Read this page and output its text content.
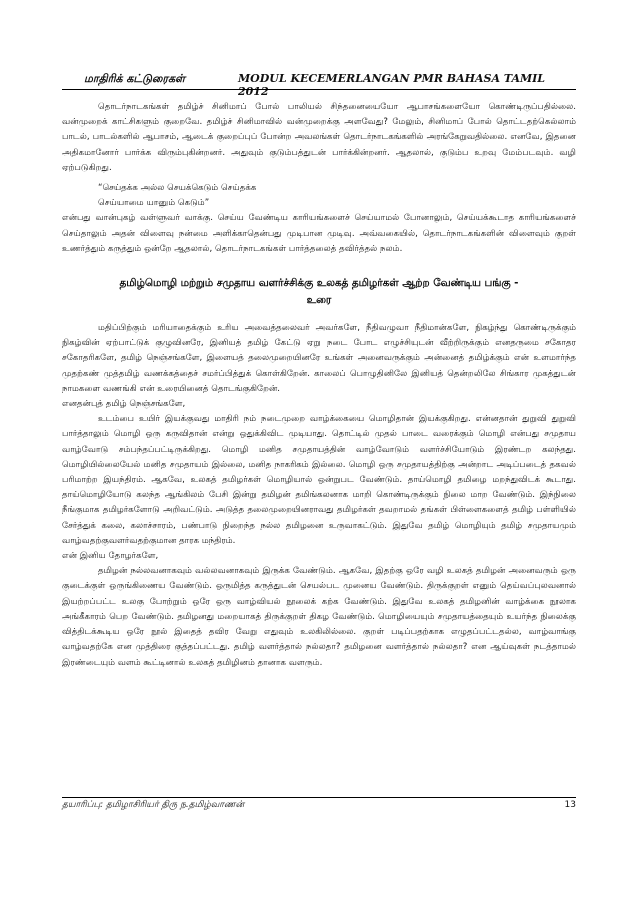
மாதிரிக் கட்டுரைகள்	MODUL KECEMERLANGAN PMR BAHASA TAMIL 2012

தொடர்நாடகங்கள் தமிழ்ச் சினிமாப் போல் பாலியல் சிந்தனையையோ ஆபாசங்களையோ கொண்டிருப்பதில்லை. வன்முறைக் காட்சிகளும் குறைவே. தமிழ்ச் சினிமாவில் வன்முறைக்கு அளவேது? மேலும், சினிமாப் போல் தொட்டதற்கெல்லாம் பாடல், பாடல்களில் ஆபாசம், ஆடைக் குறைப்புப் போன்ற அவலங்கள் தொடர்நாடகங்களில் அரங்கேறுவதில்லை. எனவே, இதனை அதிகமானோர் பார்க்க விரும்புகின்றனர். அதுவும் குடும்பத்துடன் பார்க்கின்றனர். ஆதலால், குடும்ப உறவு மேம்படவும். வழி ஏற்படுகிறது.

“செய்தக்க அல்ல செயக்கெடும் செய்தக்க
செய்யாமை யானும் கெடும்”

என்பது வான்புகழ் வள்ளுவர் வாக்கு. செய்ய வேண்டிய காரியங்களைச் செய்யாமல் போனாலும், செய்யக்கூடாத காரியங்களைச் செய்தாலும் அதன் விளைவு நன்மை அளிக்காதென்பது முடிபான முடிவு. அவ்வகையில், தொடர்நாடகங்களின் விளைவும் குறள் உணர்த்தும் கருத்தும் ஒன்றே ஆதலால், தொடர்நாடகங்கள் பார்த்தலைத் தவிர்த்தல் நலம்.

தமிழ்மொழி மற்றும் சமுதாய வளர்ச்சிக்கு உலகத் தமிழர்கள் ஆற்ற வேண்டிய பங்கு -
உரை

மதிப்பிற்கும் மரியாதைக்கும் உரிய அவைத்தலைவர் அவர்களே, நீதிவழுவா நீதிமான்களே, நிகழ்ந்து கொண்டிருக்கும் நிகழ்வின் ஏற்பாட்டுக் குழுவினரே, இனியத் தமிழ் கேட்டு ஏறு நடை போட எழுச்சியுடன் வீற்றிருக்கும் எனதருமை சகோதர சகோதரிகளே, தமிழ் நெஞ்சங்களே, இளையத் தலைமுறையினரே உங்கள் அனைவருக்கும் அன்னைத் தமிழ்க்கும் என் உளமார்ந்த முதற்கண் முத்தமிழ் வணக்கத்தைச் சமர்ப்பித்துக் கொள்கிறேன். காலைப் பொழுதினிலே இனியத் தென்றலிலே சிங்கார முகத்துடன் நாமகளை வணங்கி என் உரையினைத் தொடங்குகிறேன்.

எனதன்புத் தமிழ் நெஞ்சங்களே,

உடம்பை உயிர் இயக்குவது மாதிரி நம் நடைமுறை வாழ்க்கையை மொழிதான் இயக்குகிறது. என்னதான் துறுவி துறுவி பார்த்தாலும் மொழி ஒரு கருவிதான் என்று ஒதுக்கிவிட முடியாது. தொட்டில் முதல் பாடை வரைக்கும் மொழி என்பது சமுதாய வாழ்வோடு சம்பந்தப்பட்டிருக்கிறது. மொழி மனித சமுதாயத்தின் வாழ்வோடும் வளர்ச்சியோடும் இரண்டற கலந்தது. மொழியில்லையேல் மனித சமுதாயம் இல்லை, மனித நாகரிகம் இல்லை. மொழி ஒரு சமுதாயத்திற்கு அன்றாட அடிப்படைத் தகவல் பரிமாற்ற இயந்திரம். ஆகவே, உலகத் தமிழர்கள் மொழியால் ஒன்றுபட வேண்டும். தாய்மொழி தமிழை மறந்துவிடக் கூடாது. தாய்மொழியோடு கலந்த ஆங்கிலம் பேசி இன்று தமிழன் தமிங்கலனாக மாறி கொண்டிருக்கும் நிலை மாற வேண்டும். இந்நிலை நீங்குமாக தமிழர்களோடு அறிவட்டும். அடுத்த தலைமுறையினராவது தமிழர்கள் தவறாமல் தங்கள் பிள்ளைகளைத் தமிழ் பள்ளியில் சேர்த்துக் கலை, கலாச்சாரம், பண்பாடு நிறைந்த நல்ல தமிழனை உருவாகட்டும். இதுவே தமிழ் மொழியும் தமிழ் சமுதாயமும் வாழ்வதற்குவளர்வதற்குமான தாரக மந்திரம்.

என் இனிய தோழர்களே,

தமிழன் நல்லவனாகவும் வல்லவனாகவும் இருக்க வேண்டும். ஆகவே, இதற்கு ஒரே வழி உலகத் தமிழன் அனைவரும் ஒரு குடைக்குள் ஒருங்கிணைய வேண்டும். ஒருமித்த கருத்துடன் செயல்பட முனைய வேண்டும். திருக்குறள் எனும் தெய்வப்புலவனால் இயற்றப்பட்ட உலகு போற்றும் ஒரே ஒரு வாழ்வியல் நூலைக் கற்க வேண்டும். இதுவே உலகத் தமிழனின் வாழ்க்கை நூலாக அங்கீகாரம் பெற வேண்டும். தமிழனது மறையாகத் திருக்குறள் திகழ வேண்டும். மொழியையும் சமுதாயத்தையும் உயர்ந்த நிலைக்கு வித்திடக்கூடிய ஒரே நூல் இதைத் தவிர வேறு எதுவும் உலகிலில்லை. குறள் படிப்பதற்காக எழுதப்பட்டதல்ல, வாழ்வாங்கு வாழ்வதற்கே என முத்திரை குத்தப்பட்டது. தமிழ் வளர்த்தால் நல்லதா? தமிழனை வளர்த்தால் நல்லதா? என ஆய்வுகள் நடத்தாமல் இரண்டையும் வளம் கூட்டினால் உலகத் தமிழினம் தானாக வளரும்.

தயாரிப்பு: தமிழாசிரியர் திரு ந.தமிழ்வாணன்	13
